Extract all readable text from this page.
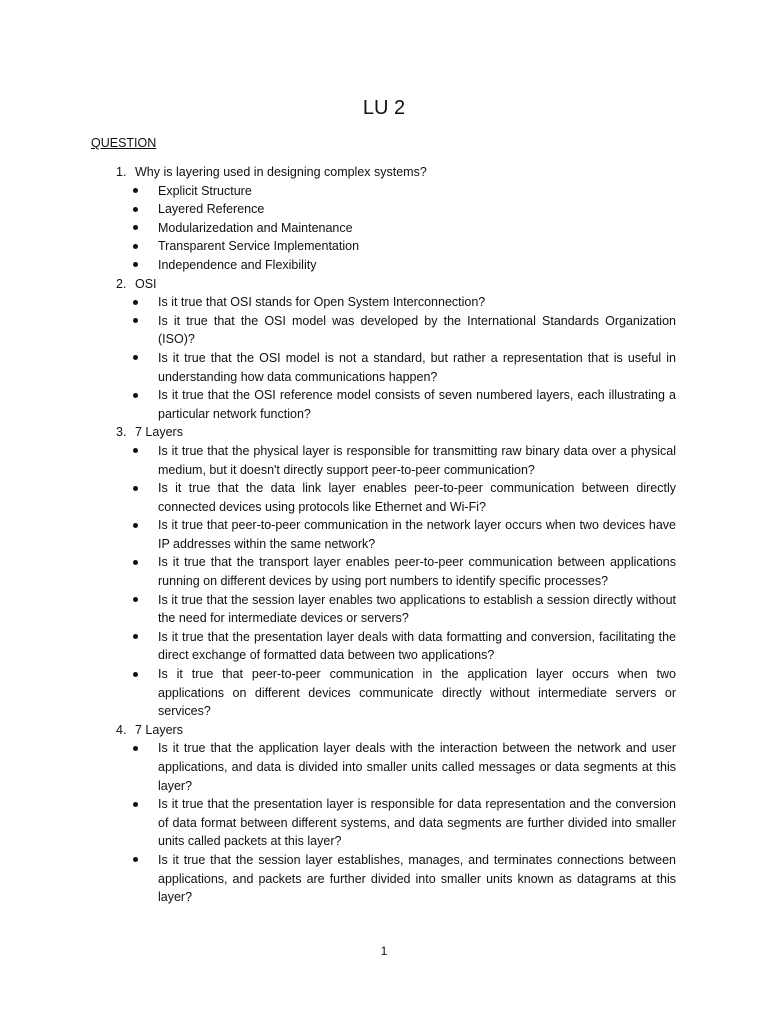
LU 2
QUESTION
1. Why is layering used in designing complex systems?
Explicit Structure
Layered Reference
Modularizedation and Maintenance
Transparent Service Implementation
Independence and Flexibility
2. OSI
Is it true that OSI stands for Open System Interconnection?
Is it true that the OSI model was developed by the International Standards Organization (ISO)?
Is it true that the OSI model is not a standard, but rather a representation that is useful in understanding how data communications happen?
Is it true that the OSI reference model consists of seven numbered layers, each illustrating a particular network function?
3. 7 Layers
Is it true that the physical layer is responsible for transmitting raw binary data over a physical medium, but it doesn't directly support peer-to-peer communication?
Is it true that the data link layer enables peer-to-peer communication between directly connected devices using protocols like Ethernet and Wi-Fi?
Is it true that peer-to-peer communication in the network layer occurs when two devices have IP addresses within the same network?
Is it true that the transport layer enables peer-to-peer communication between applications running on different devices by using port numbers to identify specific processes?
Is it true that the session layer enables two applications to establish a session directly without the need for intermediate devices or servers?
Is it true that the presentation layer deals with data formatting and conversion, facilitating the direct exchange of formatted data between two applications?
Is it true that peer-to-peer communication in the application layer occurs when two applications on different devices communicate directly without intermediate servers or services?
4. 7 Layers
Is it true that the application layer deals with the interaction between the network and user applications, and data is divided into smaller units called messages or data segments at this layer?
Is it true that the presentation layer is responsible for data representation and the conversion of data format between different systems, and data segments are further divided into smaller units called packets at this layer?
Is it true that the session layer establishes, manages, and terminates connections between applications, and packets are further divided into smaller units known as datagrams at this layer?
1
